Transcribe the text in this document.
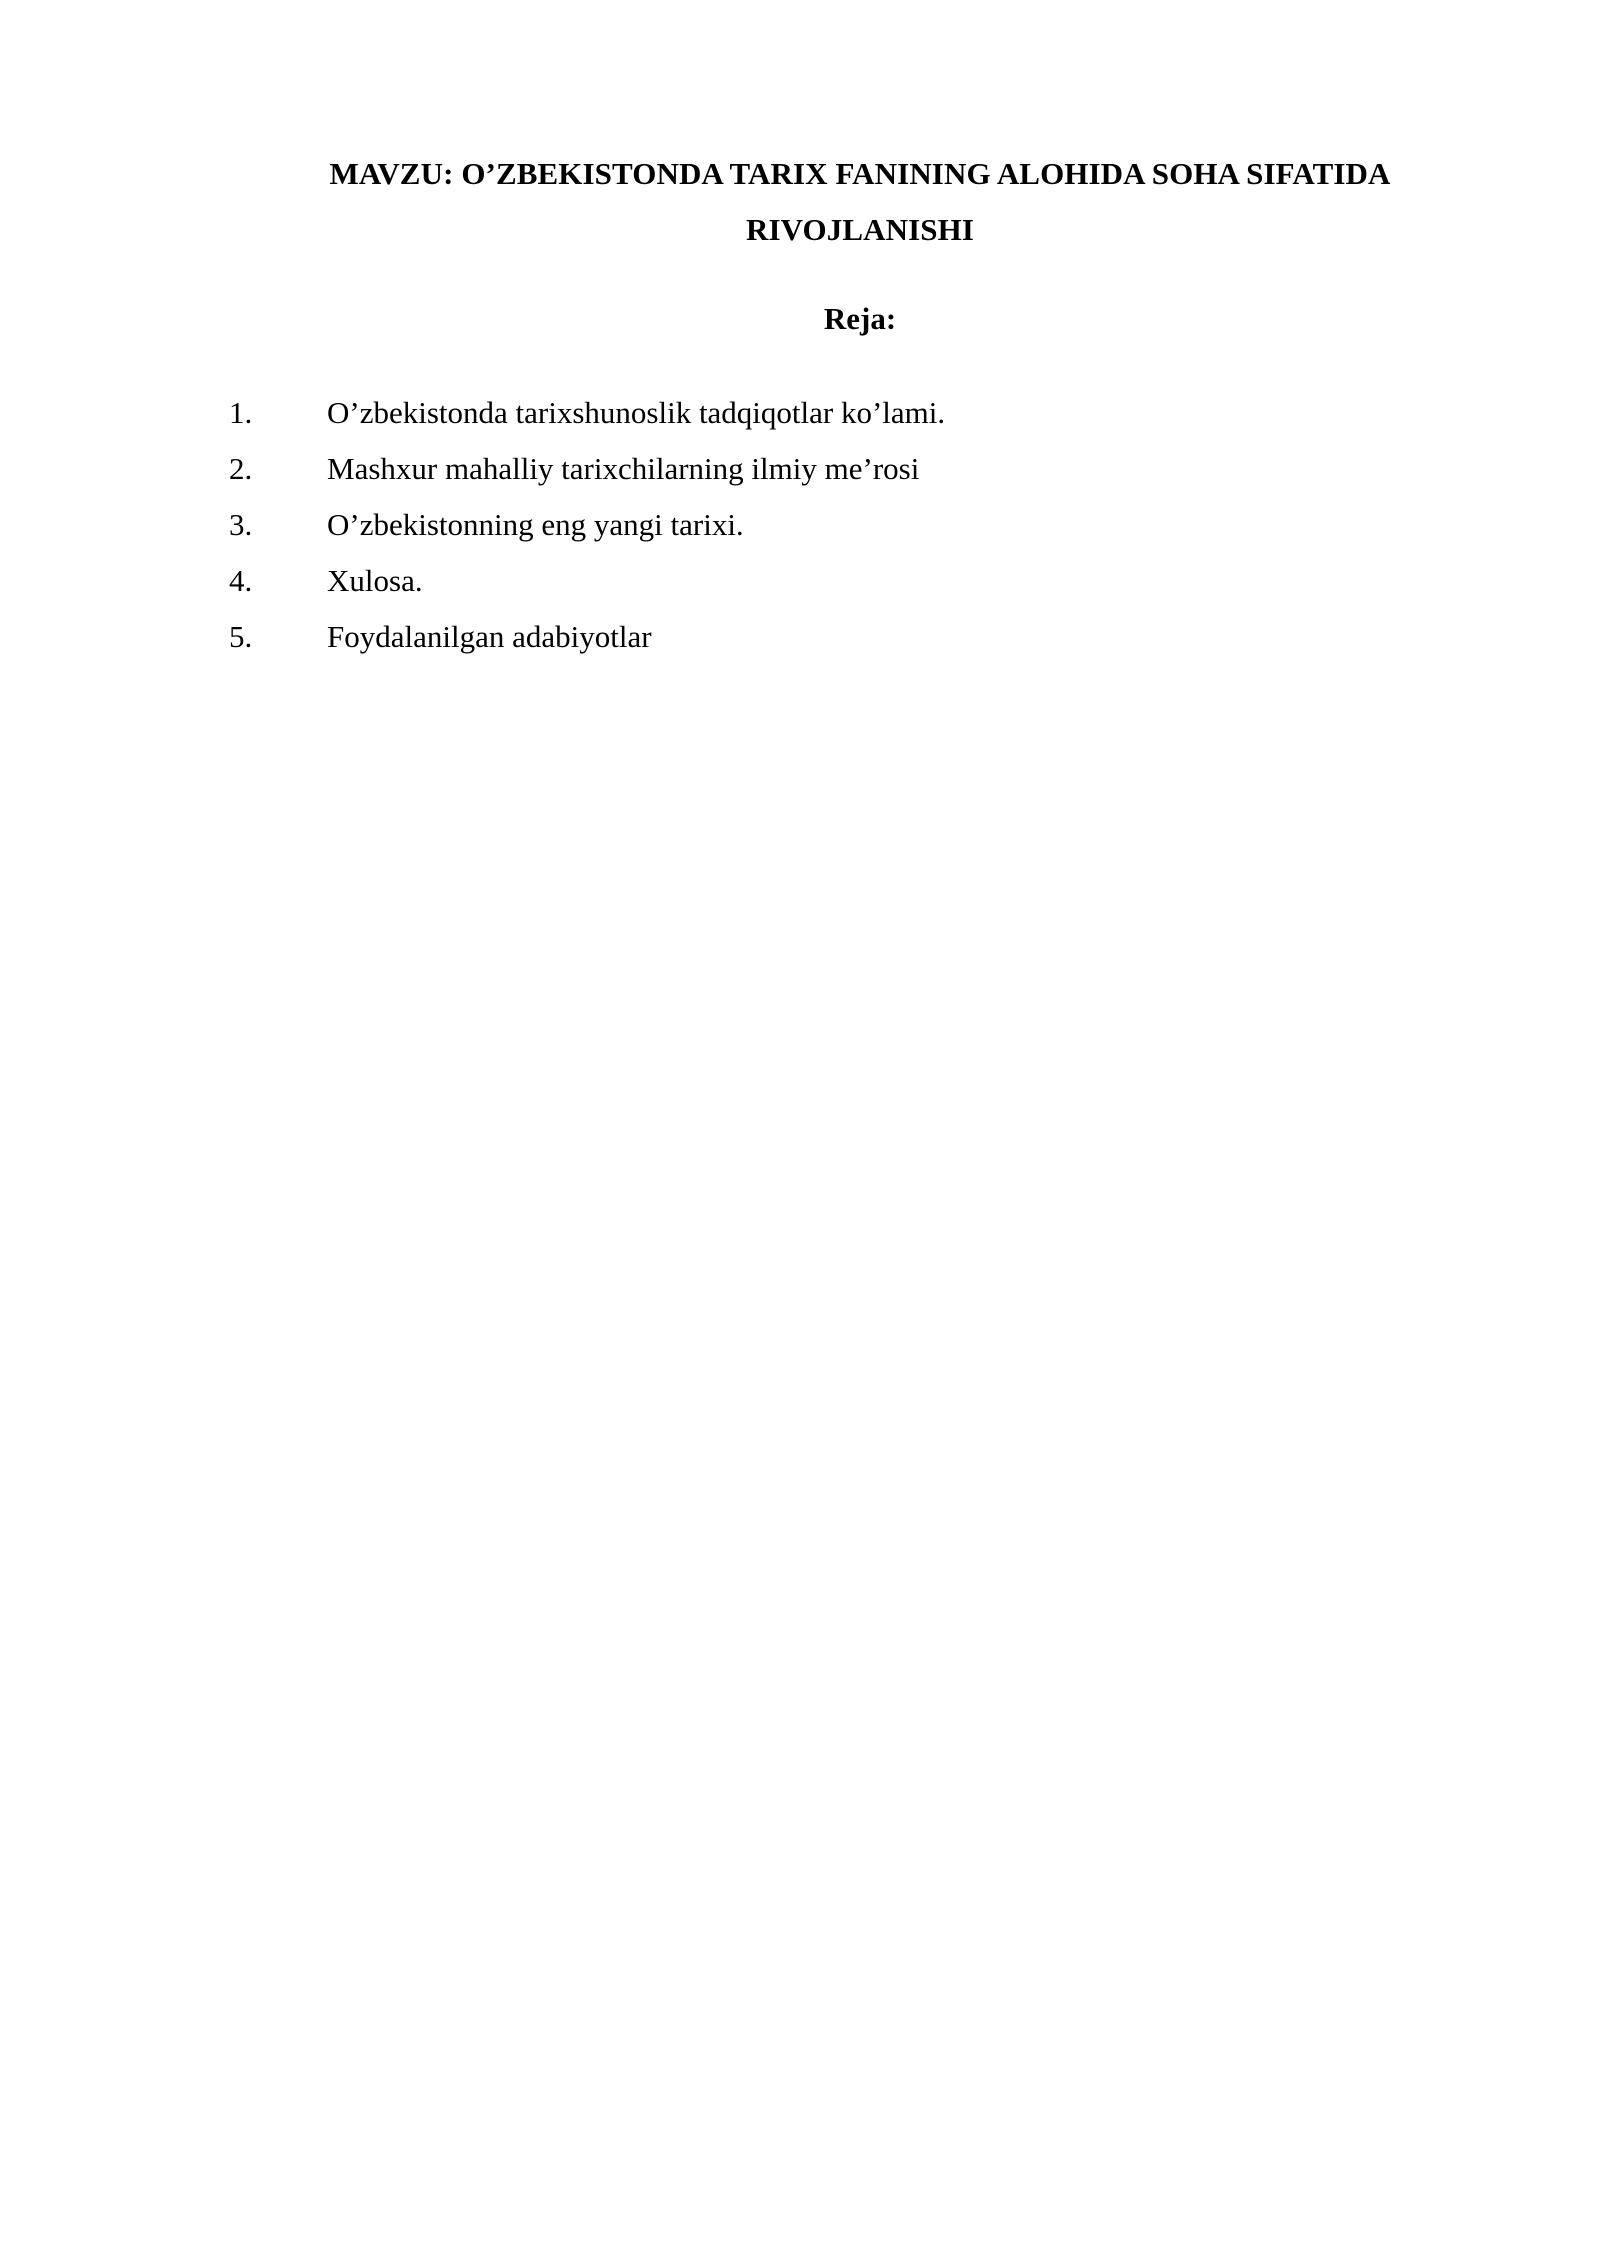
MAVZU: O’ZBEKISTONDA TARIX FANINING ALOHIDA SOHA SIFATIDA
RIVOJLANISHI
Reja:
1.	O’zbekistonda tarixshunoslik tadqiqotlar ko’lami.
2.	Mashxur mahalliy tarixchilarning ilmiy me’rosi
3.	O’zbekistonning eng yangi tarixi.
4.	Xulosa.
5.	Foydalanilgan adabiyotlar
